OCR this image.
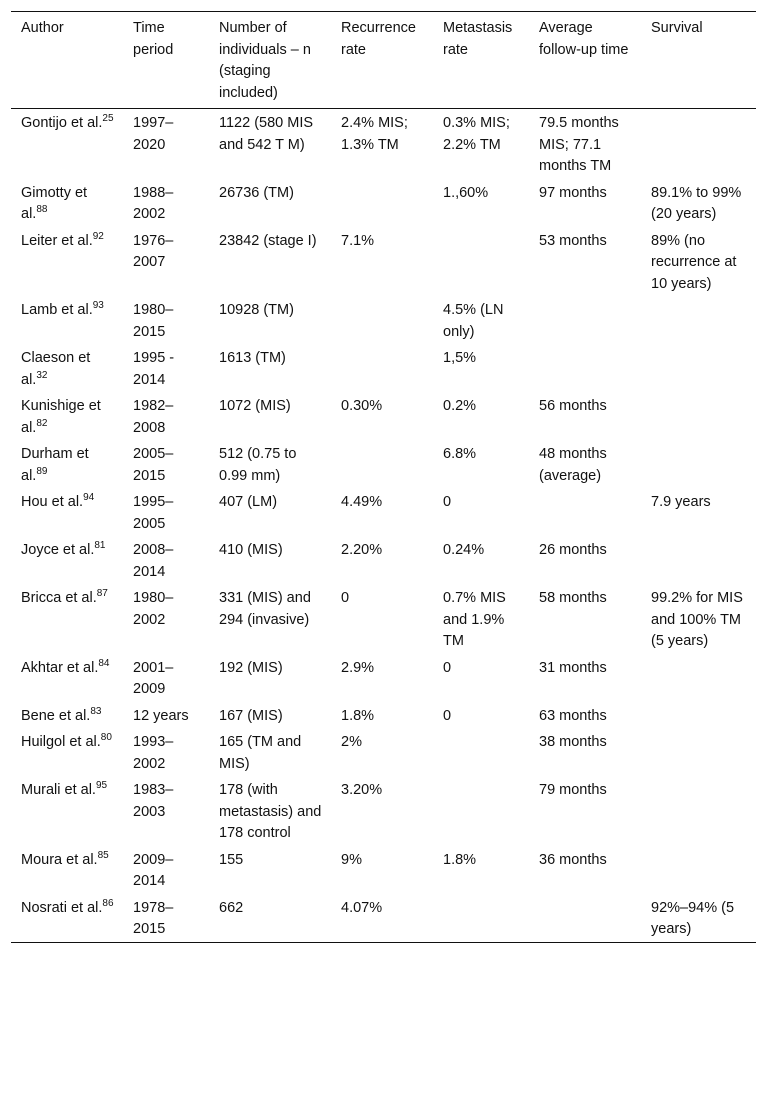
Author	Time period	Number of individuals – n (staging included)	Recurrence rate	Metastasis rate	Average follow-up time	Survival
Gontijo et al.$^{25}$	1997–2020	1122 (580 MIS and 542 T M)	2.4% MIS; 1.3% TM	0.3% MIS; 2.2% TM	79.5 months MIS; 77.1 months TM	
Gimotty et al.$^{88}$	1988–2002	26736 (TM)		1.,60%	97 months	89.1% to 99% (20 years)
Leiter et al.$^{92}$	1976–2007	23842 (stage I)	7.1%		53 months	89% (no recurrence at 10 years)
Lamb et al.$^{93}$	1980–2015	10928 (TM)		4.5% (LN only)		
Claeson et al.$^{32}$	1995 - 2014	1613 (TM)		1,5%		
Kunishige et al.$^{82}$	1982–2008	1072 (MIS)	0.30%	0.2%	56 months	
Durham et al.$^{89}$	2005–2015	512 (0.75 to 0.99 mm)		6.8%	48 months (average)	
Hou et al.$^{94}$	1995–2005	407 (LM)	4.49%	0		7.9 years
Joyce et al.$^{81}$	2008–2014	410 (MIS)	2.20%	0.24%	26 months	
Bricca et al.$^{87}$	1980–2002	331 (MIS) and 294 (invasive)	0	0.7% MIS and 1.9% TM	58 months	99.2% for MIS and 100% TM (5 years)
Akhtar et al.$^{84}$	2001–2009	192 (MIS)	2.9%	0	31 months	
Bene et al.$^{83}$	12 years	167 (MIS)	1.8%	0	63 months	
Huilgol et al.$^{80}$	1993–2002	165 (TM and MIS)	2%		38 months	
Murali et al.$^{95}$	1983–2003	178 (with metastasis) and 178 control	3.20%		79 months	
Moura et al.$^{85}$	2009–2014	155	9%	1.8%	36 months	
Nosrati et al.$^{86}$	1978–2015	662	4.07%			92%–94% (5 years)
